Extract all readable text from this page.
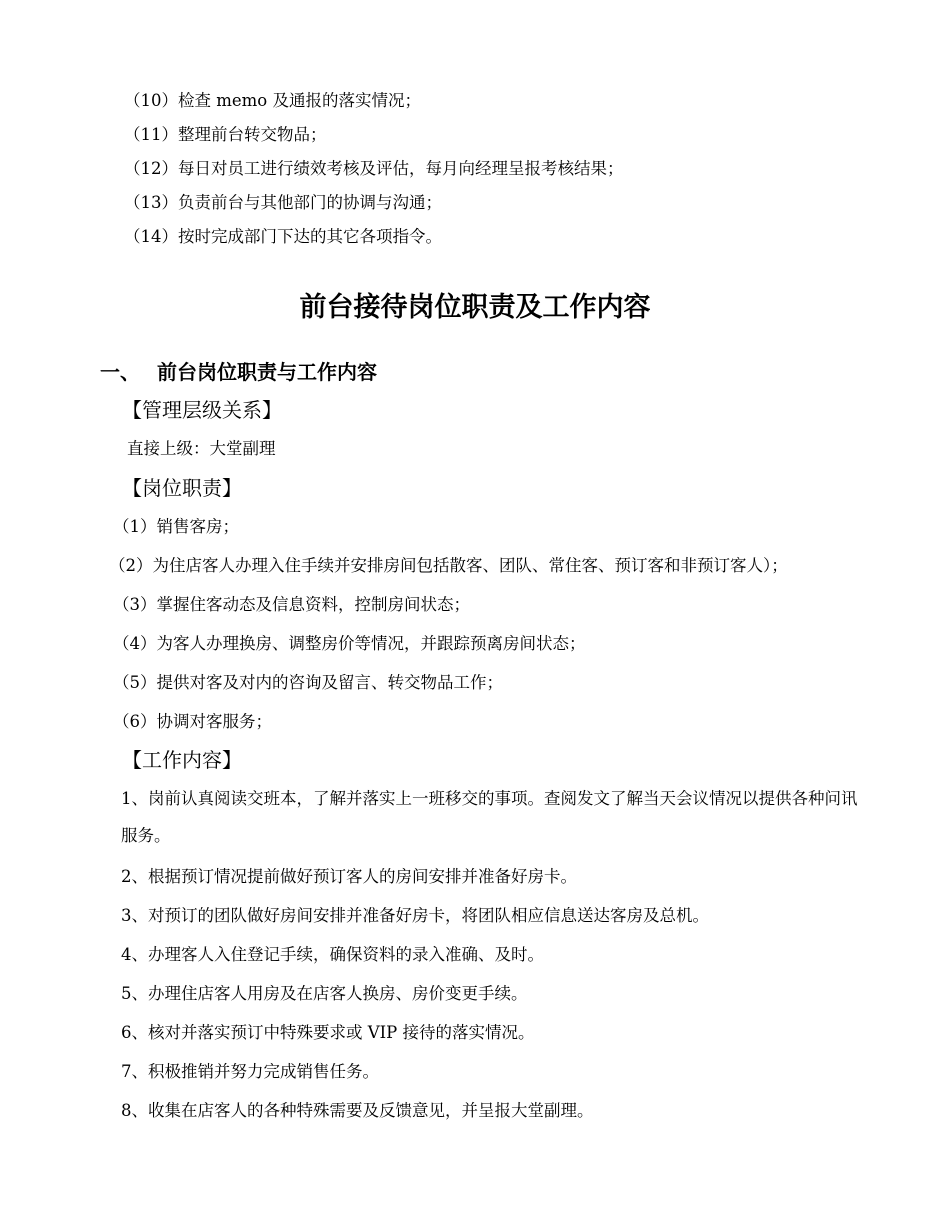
（10）检查 memo 及通报的落实情况；
（11）整理前台转交物品；
（12）每日对员工进行绩效考核及评估，每月向经理呈报考核结果；
（13）负责前台与其他部门的协调与沟通；
（14）按时完成部门下达的其它各项指令。
前台接待岗位职责及工作内容
一、 前台岗位职责与工作内容
【管理层级关系】
直接上级：大堂副理
【岗位职责】
（1）销售客房；
（2）为住店客人办理入住手续并安排房间包括散客、团队、常住客、预订客和非预订客人）；
（3）掌握住客动态及信息资料，控制房间状态；
（4）为客人办理换房、调整房价等情况，并跟踪预离房间状态；
（5）提供对客及对内的咨询及留言、转交物品工作；
（6）协调对客服务；
【工作内容】
1、岗前认真阅读交班本，了解并落实上一班移交的事项。查阅发文了解当天会议情况以提供各种问讯服务。
2、根据预订情况提前做好预订客人的房间安排并准备好房卡。
3、对预订的团队做好房间安排并准备好房卡，将团队相应信息送达客房及总机。
4、办理客人入住登记手续，确保资料的录入准确、及时。
5、办理住店客人用房及在店客人换房、房价变更手续。
6、核对并落实预订中特殊要求或 VIP 接待的落实情况。
7、积极推销并努力完成销售任务。
8、收集在店客人的各种特殊需要及反馈意见，并呈报大堂副理。
